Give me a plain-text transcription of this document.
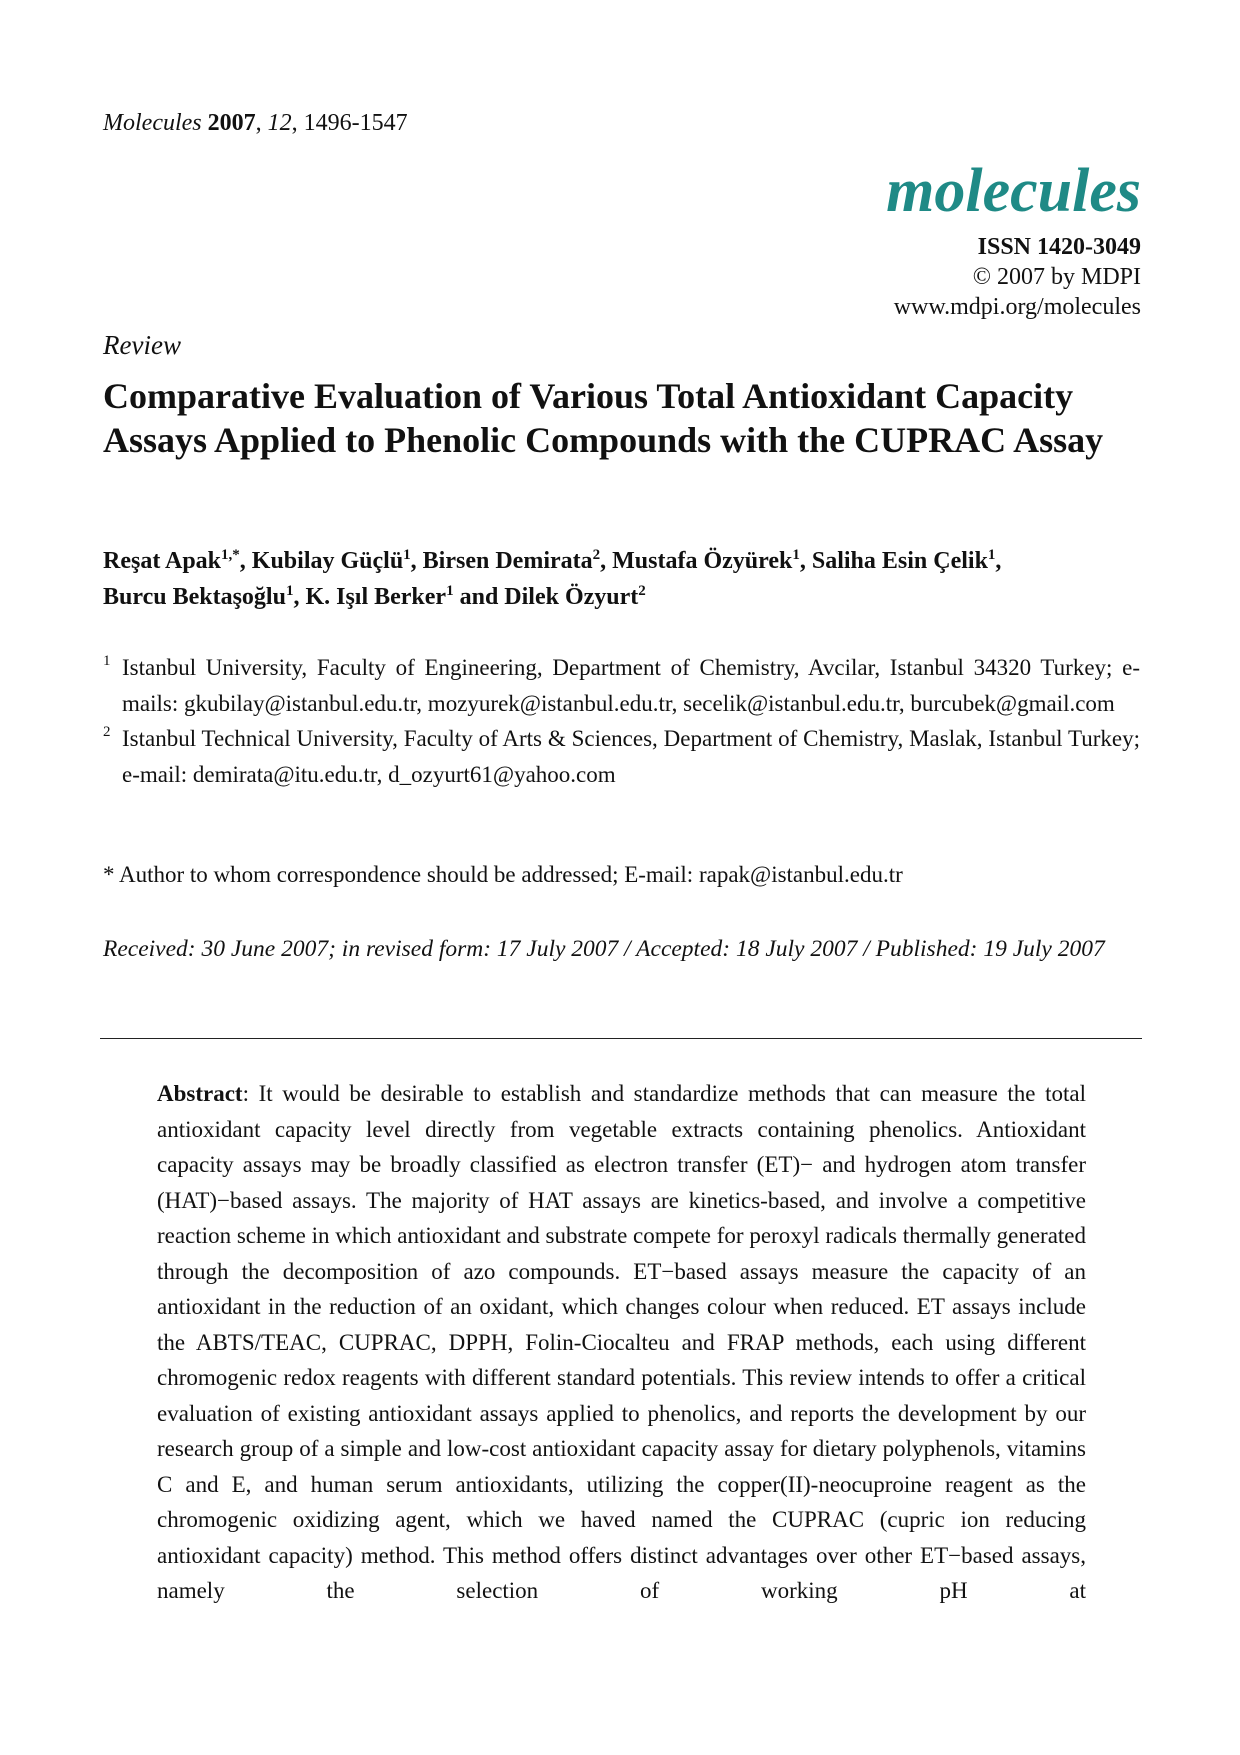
Molecules 2007, 12, 1496-1547
molecules
ISSN 1420-3049
© 2007 by MDPI
www.mdpi.org/molecules
Review
Comparative Evaluation of Various Total Antioxidant Capacity Assays Applied to Phenolic Compounds with the CUPRAC Assay
Reşat Apak$^{1,*}$, Kubilay Güçlü$^1$, Birsen Demirata$^2$, Mustafa Özyürek$^1$, Saliha Esin Çelik$^1$,
Burcu Bektaşoğlu$^1$, K. Işıl Berker$^1$ and Dilek Özyurt$^2$
1 Istanbul University, Faculty of Engineering, Department of Chemistry, Avcilar, Istanbul 34320 Turkey; e-mails: gkubilay@istanbul.edu.tr, mozyurek@istanbul.edu.tr, secelik@istanbul.edu.tr, burcubek@gmail.com
2 Istanbul Technical University, Faculty of Arts & Sciences, Department of Chemistry, Maslak, Istanbul Turkey; e-mail: demirata@itu.edu.tr, d_ozyurt61@yahoo.com
* Author to whom correspondence should be addressed; E-mail: rapak@istanbul.edu.tr
Received: 30 June 2007; in revised form: 17 July 2007 / Accepted: 18 July 2007 / Published: 19 July 2007
Abstract: It would be desirable to establish and standardize methods that can measure the total antioxidant capacity level directly from vegetable extracts containing phenolics. Antioxidant capacity assays may be broadly classified as electron transfer (ET)− and hydrogen atom transfer (HAT)−based assays. The majority of HAT assays are kinetics-based, and involve a competitive reaction scheme in which antioxidant and substrate compete for peroxyl radicals thermally generated through the decomposition of azo compounds. ET−based assays measure the capacity of an antioxidant in the reduction of an oxidant, which changes colour when reduced. ET assays include the ABTS/TEAC, CUPRAC, DPPH, Folin-Ciocalteu and FRAP methods, each using different chromogenic redox reagents with different standard potentials. This review intends to offer a critical evaluation of existing antioxidant assays applied to phenolics, and reports the development by our research group of a simple and low-cost antioxidant capacity assay for dietary polyphenols, vitamins C and E, and human serum antioxidants, utilizing the copper(II)-neocuproine reagent as the chromogenic oxidizing agent, which we haved named the CUPRAC (cupric ion reducing antioxidant capacity) method. This method offers distinct advantages over other ET−based assays, namely the selection of working pH at
